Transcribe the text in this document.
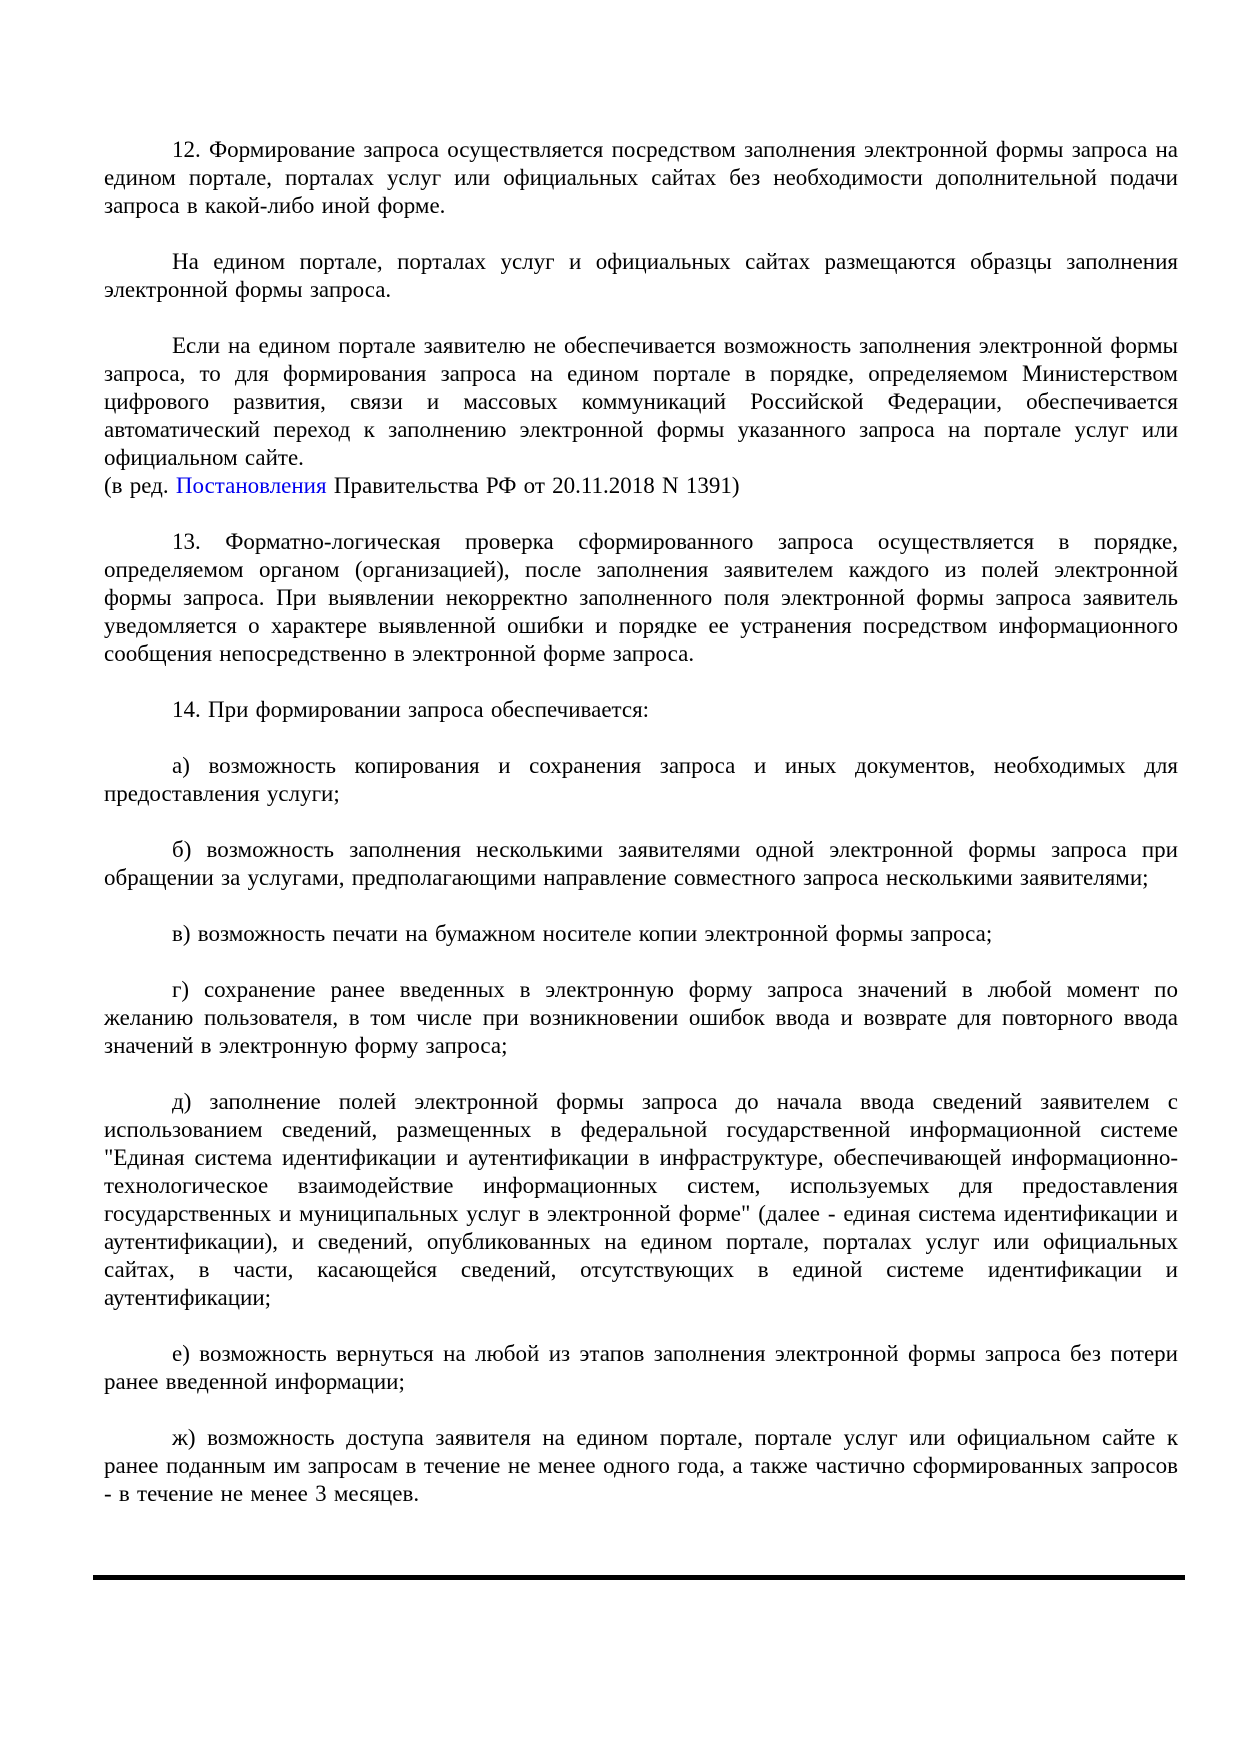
12. Формирование запроса осуществляется посредством заполнения электронной формы запроса на едином портале, порталах услуг или официальных сайтах без необходимости дополнительной подачи запроса в какой-либо иной форме.

На едином портале, порталах услуг и официальных сайтах размещаются образцы заполнения электронной формы запроса.

Если на едином портале заявителю не обеспечивается возможность заполнения электронной формы запроса, то для формирования запроса на едином портале в порядке, определяемом Министерством цифрового развития, связи и массовых коммуникаций Российской Федерации, обеспечивается автоматический переход к заполнению электронной формы указанного запроса на портале услуг или официальном сайте.

(в ред. Постановления Правительства РФ от 20.11.2018 N 1391)

13. Форматно-логическая проверка сформированного запроса осуществляется в порядке, определяемом органом (организацией), после заполнения заявителем каждого из полей электронной формы запроса. При выявлении некорректно заполненного поля электронной формы запроса заявитель уведомляется о характере выявленной ошибки и порядке ее устранения посредством информационного сообщения непосредственно в электронной форме запроса.

14. При формировании запроса обеспечивается:

а) возможность копирования и сохранения запроса и иных документов, необходимых для предоставления услуги;

б) возможность заполнения несколькими заявителями одной электронной формы запроса при обращении за услугами, предполагающими направление совместного запроса несколькими заявителями;

в) возможность печати на бумажном носителе копии электронной формы запроса;

г) сохранение ранее введенных в электронную форму запроса значений в любой момент по желанию пользователя, в том числе при возникновении ошибок ввода и возврате для повторного ввода значений в электронную форму запроса;

д) заполнение полей электронной формы запроса до начала ввода сведений заявителем с использованием сведений, размещенных в федеральной государственной информационной системе "Единая система идентификации и аутентификации в инфраструктуре, обеспечивающей информационно-технологическое взаимодействие информационных систем, используемых для предоставления государственных и муниципальных услуг в электронной форме" (далее - единая система идентификации и аутентификации), и сведений, опубликованных на едином портале, порталах услуг или официальных сайтах, в части, касающейся сведений, отсутствующих в единой системе идентификации и аутентификации;

е) возможность вернуться на любой из этапов заполнения электронной формы запроса без потери ранее введенной информации;

ж) возможность доступа заявителя на едином портале, портале услуг или официальном сайте к ранее поданным им запросам в течение не менее одного года, а также частично сформированных запросов - в течение не менее 3 месяцев.
